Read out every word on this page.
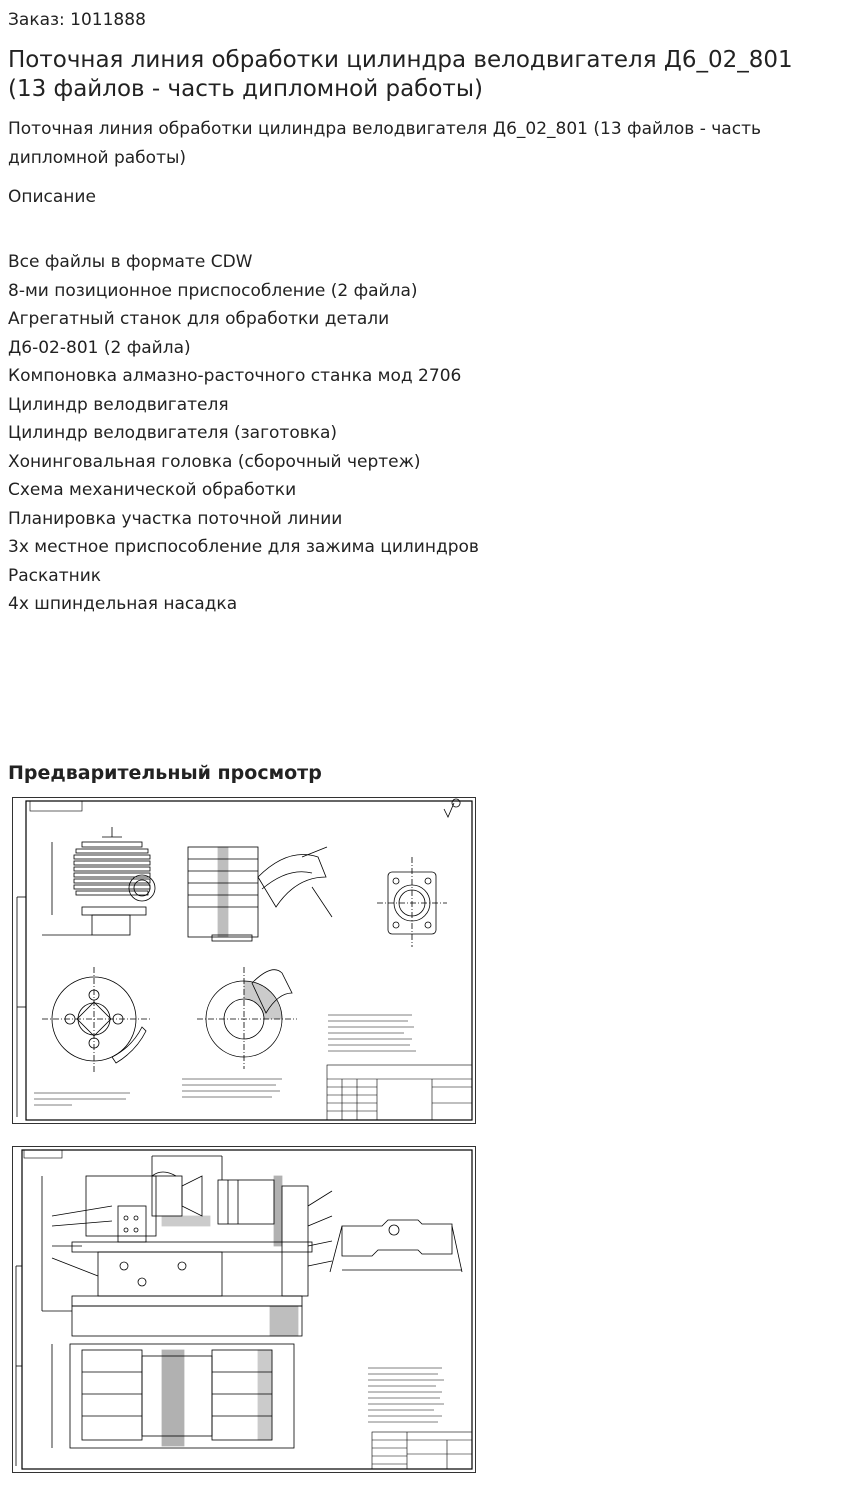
Заказ: 1011888
Поточная линия обработки цилиндра велодвигателя Д6_02_801 (13 файлов - часть дипломной работы)
Поточная линия обработки цилиндра велодвигателя Д6_02_801 (13 файлов - часть дипломной работы)
Описание
Все файлы в формате CDW
8-ми позиционное приспособление (2 файла)
Агрегатный станок для обработки детали
Д6-02-801 (2 файла)
Компоновка алмазно-расточного станка мод 2706
Цилиндр велодвигателя
Цилиндр велодвигателя (заготовка)
Хонинговальная головка (сборочный чертеж)
Схема механической обработки
Планировка участка поточной линии
3х местное приспособление для зажима цилиндров
Раскатник
4х шпиндельная насадка
Предварительный просмотр
